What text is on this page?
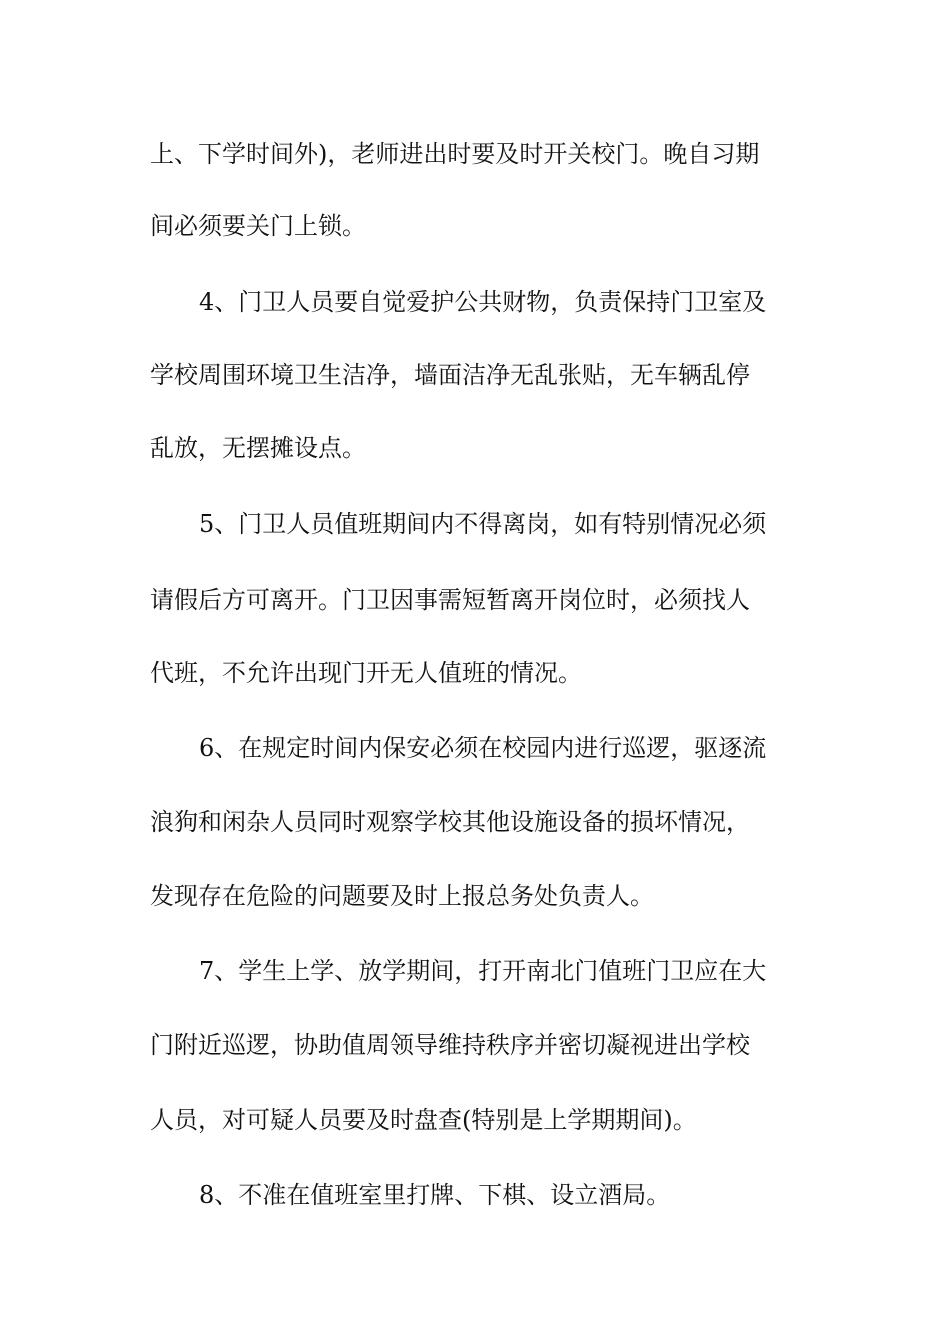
上、下学时间外)，老师进出时要及时开关校门。晚自习期
间必须要关门上锁。
4、门卫人员要自觉爱护公共财物，负责保持门卫室及
学校周围环境卫生洁净，墙面洁净无乱张贴，无车辆乱停
乱放，无摆摊设点。
5、门卫人员值班期间内不得离岗，如有特别情况必须
请假后方可离开。门卫因事需短暂离开岗位时，必须找人
代班，不允许出现门开无人值班的情况。
6、在规定时间内保安必须在校园内进行巡逻，驱逐流
浪狗和闲杂人员同时观察学校其他设施设备的损坏情况，
发现存在危险的问题要及时上报总务处负责人。
7、学生上学、放学期间，打开南北门值班门卫应在大
门附近巡逻，协助值周领导维持秩序并密切凝视进出学校
人员，对可疑人员要及时盘查(特别是上学期期间)。
8、不准在值班室里打牌、下棋、设立酒局。
